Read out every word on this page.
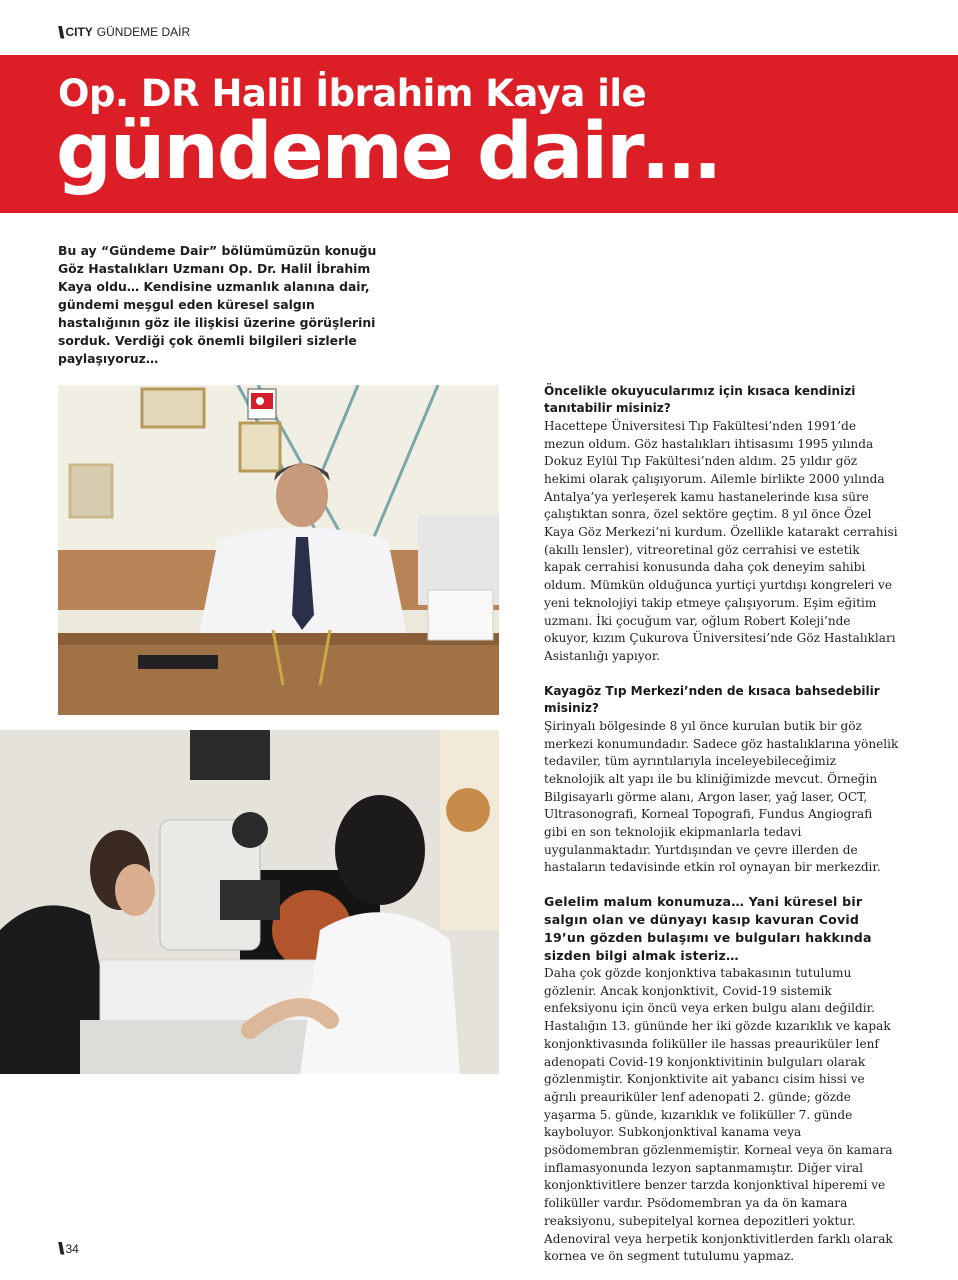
\\ CITY GÜNDEME DAİR
Op. DR Halil İbrahim Kaya ile
gündeme dair…
Bu ay “Gündeme Dair” bölümümüzün konuğu Göz Hastalıkları Uzmanı Op. Dr. Halil İbrahim Kaya oldu… Kendisine uzmanlık alanına dair, gündemi meşgul eden küresel salgın hastalığının göz ile ilişkisi üzerine görüşlerini sorduk. Verdiği çok önemli bilgileri sizlerle paylaşıyoruz…

Öncelikle okuyucularımız için kısaca kendinizi tanıtabilir misiniz?

Hacettepe Üniversitesi Tıp Fakültesi’nden 1991’de mezun oldum. Göz hastalıkları ihtisasımı 1995 yılında Dokuz Eylül Tıp Fakültesi’nden aldım. 25 yıldır göz hekimi olarak çalışıyorum. Ailemle birlikte 2000 yılında Antalya’ya yerleşerek kamu hastanelerinde kısa süre çalıştıktan sonra, özel sektöre geçtim. 8 yıl önce Özel Kaya Göz Merkezi’ni kurdum. Özellikle katarakt cerrahisi (akıllı lensler), vitreoretinal göz cerrahisi ve estetik kapak cerrahisi konusunda daha çok deneyim sahibi oldum. Mümkün olduğunca yurtiçi yurtdışı kongreleri ve yeni teknolojiyi takip etmeye çalışıyorum. Eşim eğitim uzmanı. İki çocuğum var, oğlum Robert Koleji’nde okuyor, kızım Çukurova Üniversitesi’nde Göz Hastalıkları Asistanlığı yapıyor.

Kayagöz Tıp Merkezi’nden de kısaca bahsedebilir misiniz?

Şirinyalı bölgesinde 8 yıl önce kurulan butik bir göz merkezi konumundadır. Sadece göz hastalıklarına yönelik tedaviler, tüm ayrıntılarıyla inceleyebileceğimiz teknolojik alt yapı ile bu kliniğimizde mevcut. Örneğin Bilgisayarlı görme alanı, Argon laser, yağ laser, OCT, Ultrasonografi, Korneal Topografi, Fundus Angiografi gibi en son teknolojik ekipmanlarla tedavi uygulanmaktadır. Yurtdışından ve çevre illerden de hastaların tedavisinde etkin rol oynayan bir merkezdir.

Gelelim malum konumuza… Yani küresel bir salgın olan ve dünyayı kasıp kavuran Covid 19’un gözden bulaşımı ve bulguları hakkında sizden bilgi almak isteriz…

Daha çok gözde konjonktiva tabakasının tutulumu gözlenir. Ancak konjonktivit, Covid-19 sistemik enfeksiyonu için öncü veya erken bulgu alanı değildir. Hastalığın 13. gününde her iki gözde kızarıklık ve kapak konjonktivasında foliküller ile hassas preauriküler lenf adenopati Covid-19 konjonktivitinin bulguları olarak gözlenmiştir. Konjonktivite ait yabancı cisim hissi ve ağrılı preauriküler lenf adenopati 2. günde; gözde yaşarma 5. günde, kızarıklık ve foliküller 7. günde kayboluyor. Subkonjonktival kanama veya psödomembran gözlenmemiştir. Korneal veya ön kamara inflamasyonunda lezyon saptanmamıştır. Diğer viral konjonktivitlere benzer tarzda konjonktival hiperemi ve foliküller vardır. Psödomembran ya da ön kamara reaksiyonu, subepitelyal kornea depozitleri yoktur. Adenoviral veya herpetik konjonktivitlerden farklı olarak kornea ve ön segment tutulumu yapmaz.

\\ 34
